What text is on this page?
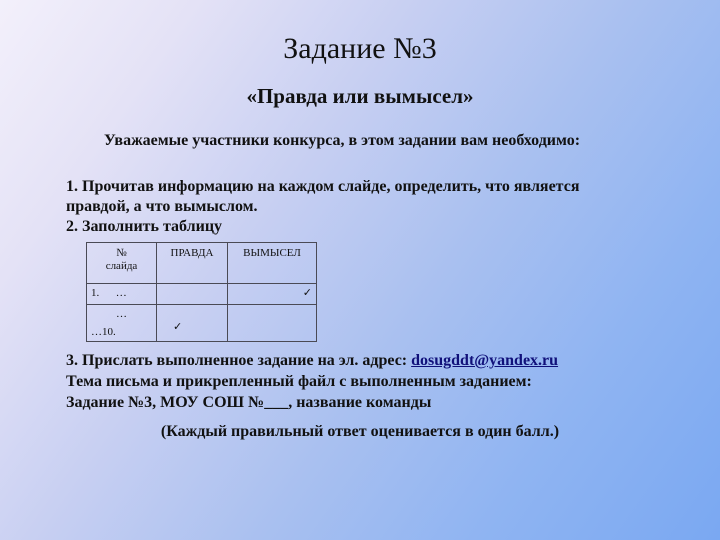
Задание №3
«Правда или вымысел»
Уважаемые участники конкурса, в этом задании вам необходимо:
1. Прочитав информацию на каждом слайде, определить, что является
правдой, а что вымыслом.
2. Заполнить таблицу
№
слайда	ПРАВДА	ВЫМЫСЕЛ

1.      …		✓

…
…10.	✓	

3. Прислать выполненное задание на эл. адрес: dosugddt@yandex.ru
Тема письма и прикрепленный файл с выполненным заданием:
Задание №3, МОУ СОШ №___, название команды
(Каждый правильный ответ оценивается в один балл.)
